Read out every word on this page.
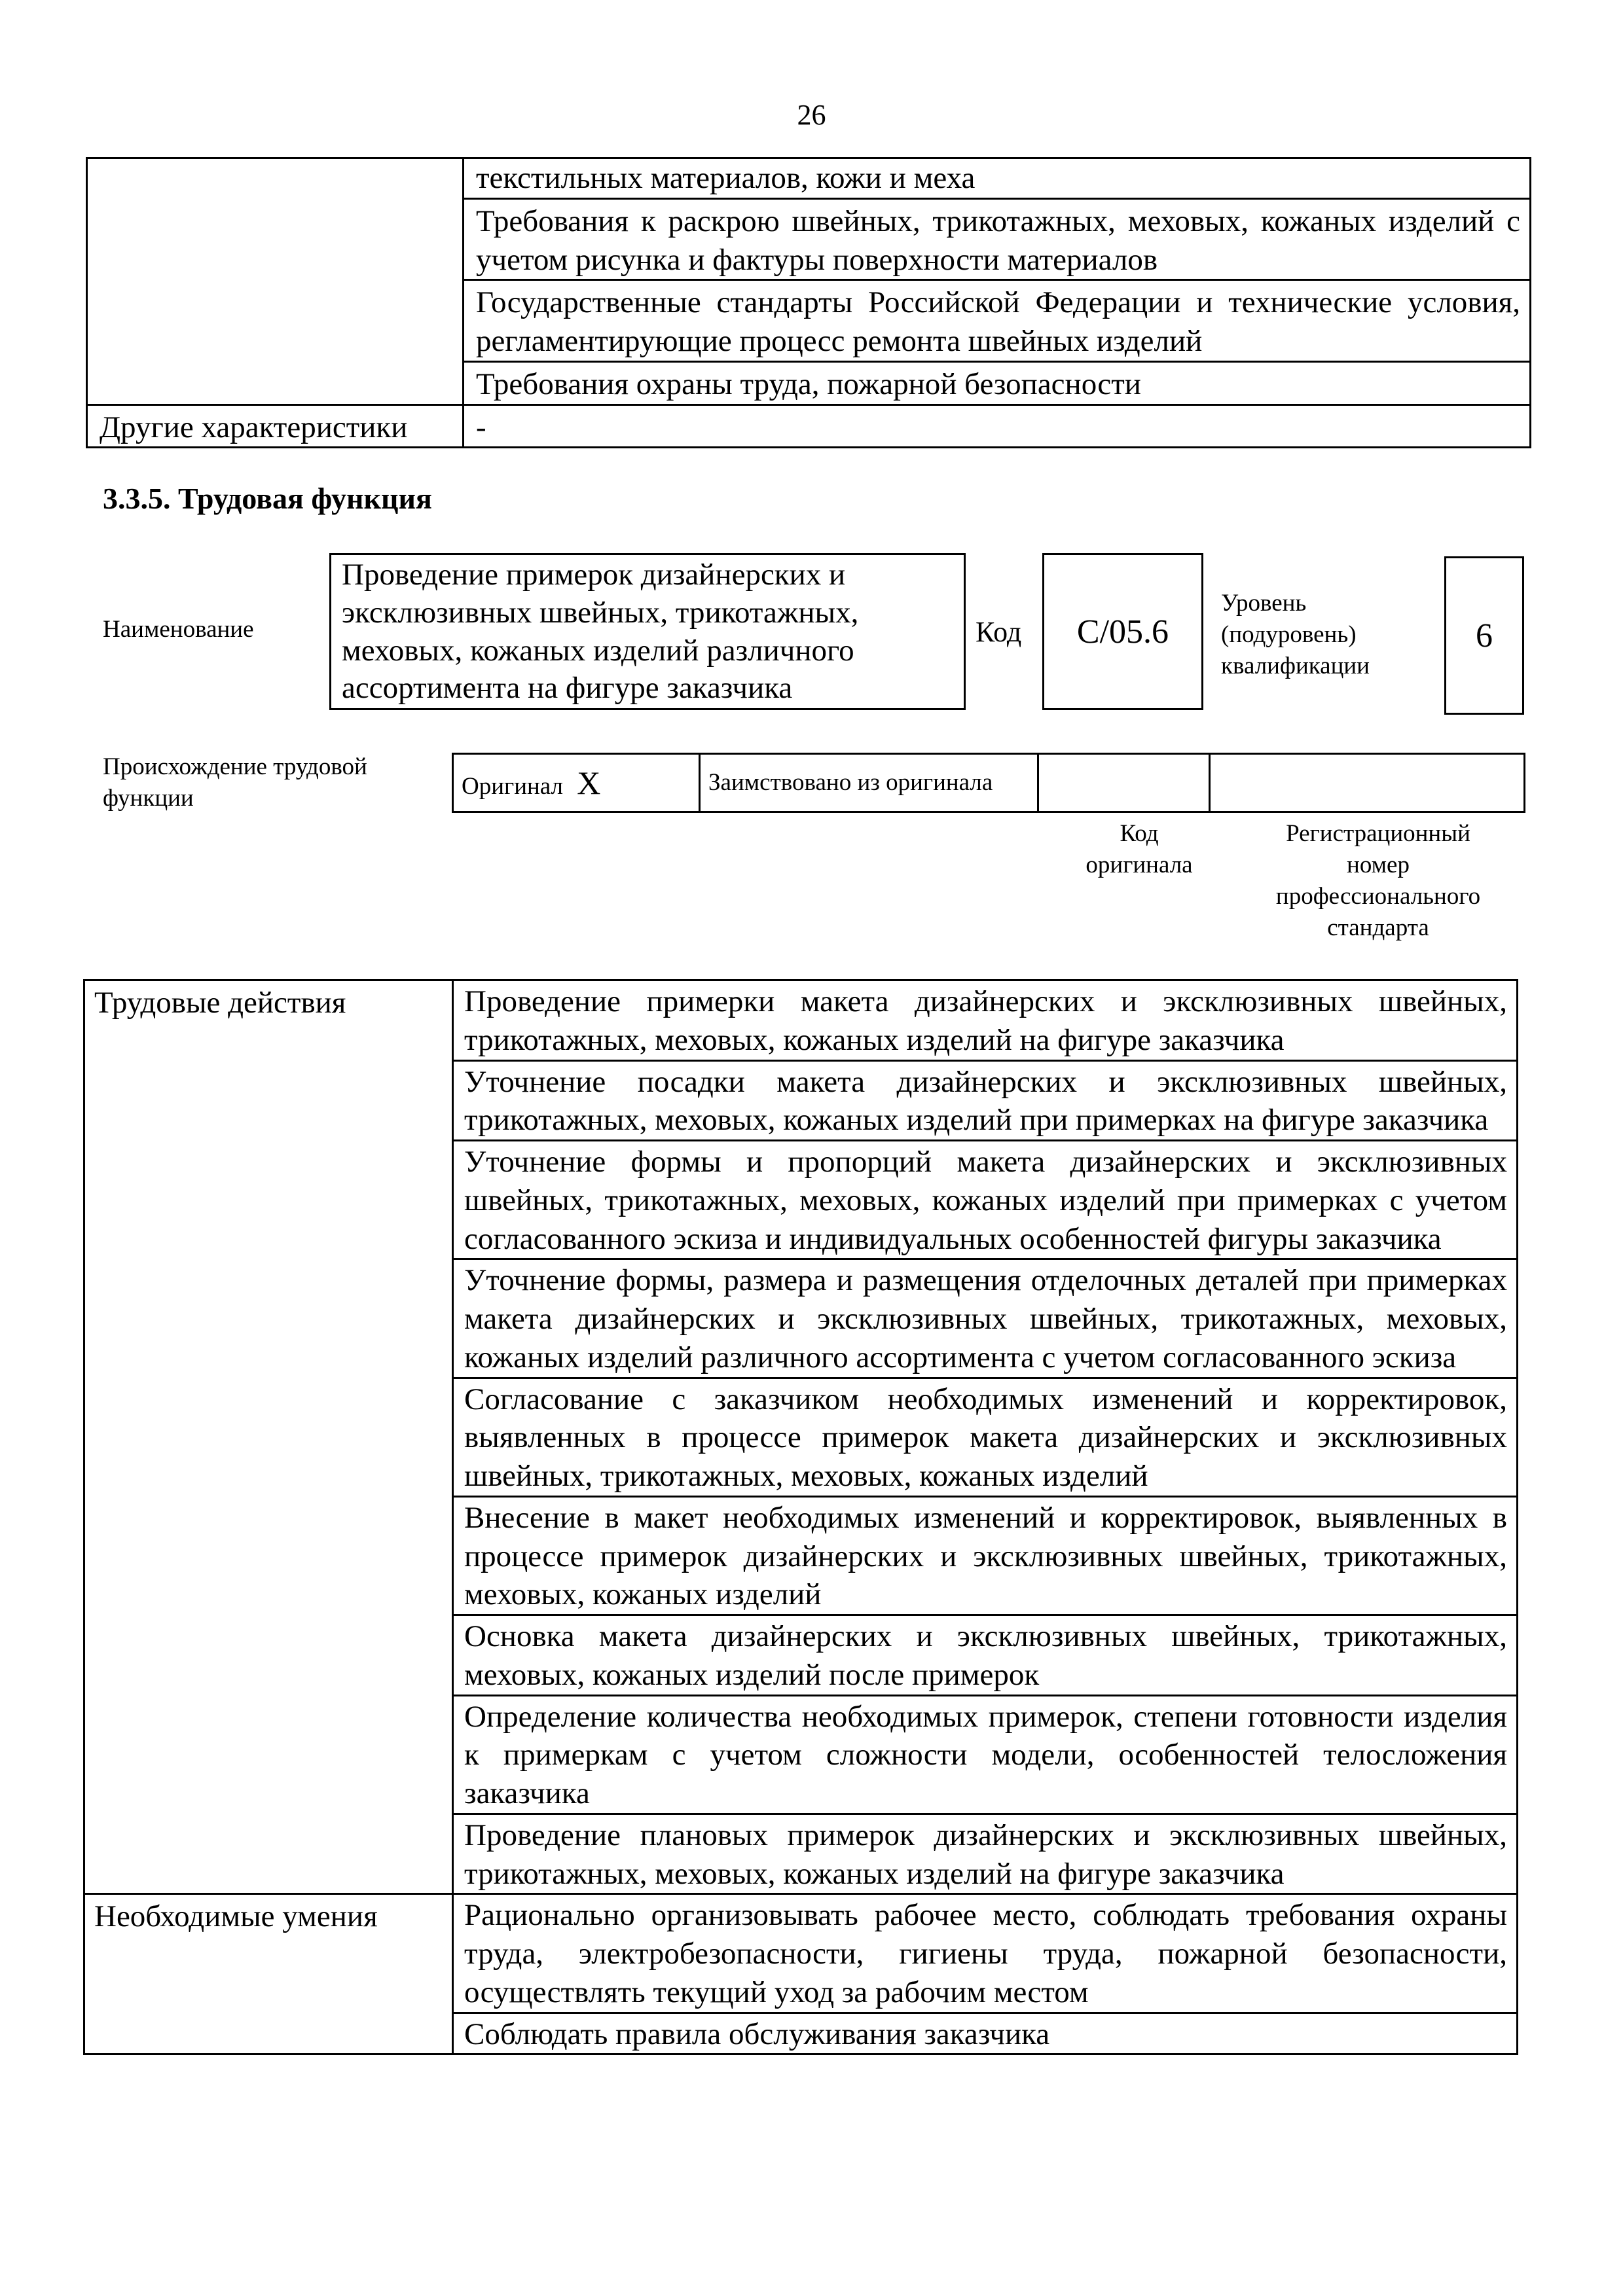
26
	текстильных материалов, кожи и меха
	Требования к раскрою швейных, трикотажных, меховых, кожаных изделий с учетом рисунка и фактуры поверхности материалов
	Государственные стандарты Российской Федерации и технические условия, регламентирующие процесс ремонта швейных изделий
	Требования охраны труда, пожарной безопасности
Другие характеристики	-
3.3.5. Трудовая функция
Наименование
Проведение примерок дизайнерских и эксклюзивных швейных, трикотажных, меховых, кожаных изделий различного ассортимента на фигуре заказчика
Код	С/05.6
Уровень
(подуровень)
квалификации
6
Происхождение трудовой
функции	Оригинал X	Заимствовано из оригинала		
Код
оригинала
Регистрационный
номер
профессионального
стандарта
Трудовые действия	Проведение примерки макета дизайнерских и эксклюзивных швейных, трикотажных, меховых, кожаных изделий на фигуре заказчика
	Уточнение посадки макета дизайнерских и эксклюзивных швейных, трикотажных, меховых, кожаных изделий при примерках на фигуре заказчика
	Уточнение формы и пропорций макета дизайнерских и эксклюзивных швейных, трикотажных, меховых, кожаных изделий при примерках с учетом согласованного эскиза и индивидуальных особенностей фигуры заказчика
	Уточнение формы, размера и размещения отделочных деталей при примерках макета дизайнерских и эксклюзивных швейных, трикотажных, меховых, кожаных изделий различного ассортимента с учетом согласованного эскиза
	Согласование с заказчиком необходимых изменений и корректировок, выявленных в процессе примерок макета дизайнерских и эксклюзивных швейных, трикотажных, меховых, кожаных изделий
	Внесение в макет необходимых изменений и корректировок, выявленных в процессе примерок дизайнерских и эксклюзивных швейных, трикотажных, меховых, кожаных изделий
	Основка макета дизайнерских и эксклюзивных швейных, трикотажных, меховых, кожаных изделий после примерок
	Определение количества необходимых примерок, степени готовности изделия к примеркам с учетом сложности модели, особенностей телосложения заказчика
	Проведение плановых примерок дизайнерских и эксклюзивных швейных, трикотажных, меховых, кожаных изделий на фигуре заказчика
Необходимые умения	Рационально организовывать рабочее место, соблюдать требования охраны труда, электробезопасности, гигиены труда, пожарной безопасности, осуществлять текущий уход за рабочим местом
	Соблюдать правила обслуживания заказчика
